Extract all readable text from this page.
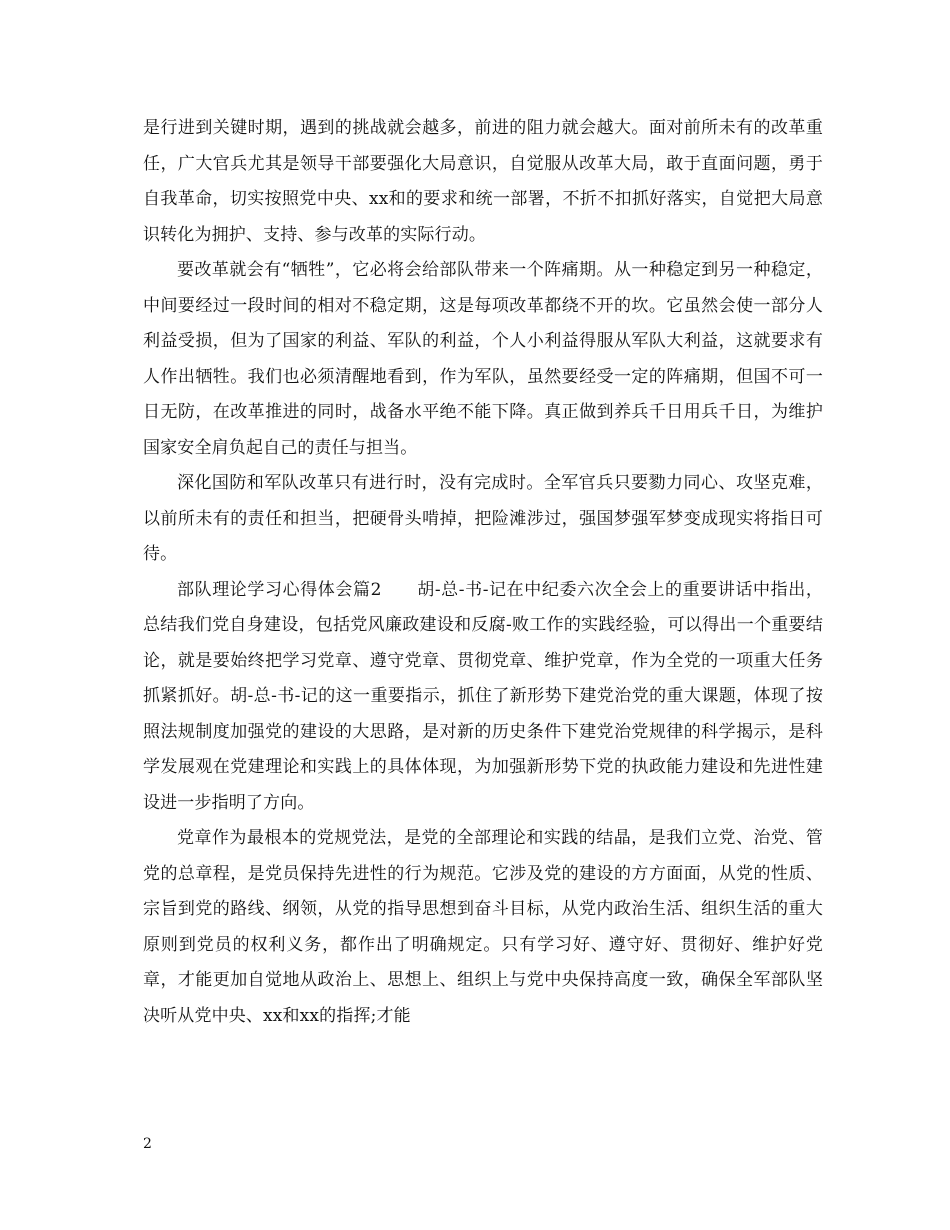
是行进到关键时期，遇到的挑战就会越多，前进的阻力就会越大。面对前所未有的改革重任，广大官兵尤其是领导干部要强化大局意识，自觉服从改革大局，敢于直面问题，勇于自我革命，切实按照党中央、xx和的要求和统一部署，不折不扣抓好落实，自觉把大局意识转化为拥护、支持、参与改革的实际行动。

要改革就会有“牺牲”，它必将会给部队带来一个阵痛期。从一种稳定到另一种稳定，中间要经过一段时间的相对不稳定期，这是每项改革都绕不开的坎。它虽然会使一部分人利益受损，但为了国家的利益、军队的利益，个人小利益得服从军队大利益，这就要求有人作出牺牲。我们也必须清醒地看到，作为军队，虽然要经受一定的阵痛期，但国不可一日无防，在改革推进的同时，战备水平绝不能下降。真正做到养兵千日用兵千日，为维护国家安全肩负起自己的责任与担当。

深化国防和军队改革只有进行时，没有完成时。全军官兵只要勠力同心、攻坚克难，以前所未有的责任和担当，把硬骨头啃掉，把险滩涉过，强国梦强军梦变成现实将指日可待。

部队理论学习心得体会篇2　　胡-总-书-记在中纪委六次全会上的重要讲话中指出，总结我们党自身建设，包括党风廉政建设和反腐-败工作的实践经验，可以得出一个重要结论，就是要始终把学习党章、遵守党章、贯彻党章、维护党章，作为全党的一项重大任务抓紧抓好。胡-总-书-记的这一重要指示，抓住了新形势下建党治党的重大课题，体现了按照法规制度加强党的建设的大思路，是对新的历史条件下建党治党规律的科学揭示，是科学发展观在党建理论和实践上的具体体现，为加强新形势下党的执政能力建设和先进性建设进一步指明了方向。

党章作为最根本的党规党法，是党的全部理论和实践的结晶，是我们立党、治党、管党的总章程，是党员保持先进性的行为规范。它涉及党的建设的方方面面，从党的性质、宗旨到党的路线、纲领，从党的指导思想到奋斗目标，从党内政治生活、组织生活的重大原则到党员的权利义务，都作出了明确规定。只有学习好、遵守好、贯彻好、维护好党章，才能更加自觉地从政治上、思想上、组织上与党中央保持高度一致，确保全军部队坚决听从党中央、xx和xx的指挥;才能

2
